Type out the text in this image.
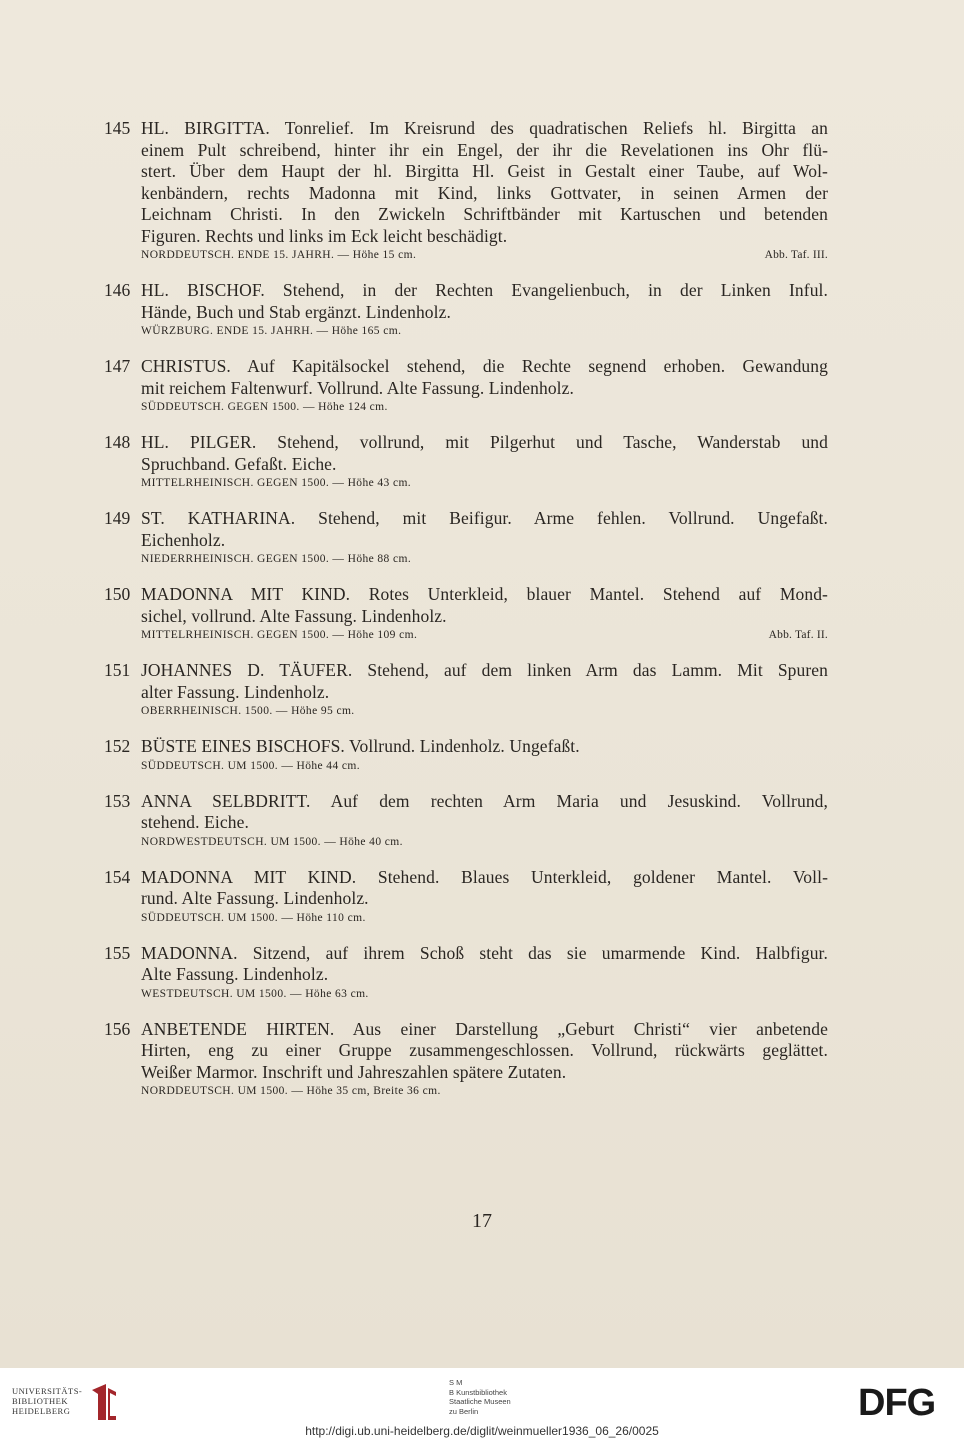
145 HL. BIRGITTA. Tonrelief. Im Kreisrund des quadratischen Reliefs hl. Birgitta an
einem Pult schreibend, hinter ihr ein Engel, der ihr die Revelationen ins Ohr flü-
stert. Über dem Haupt der hl. Birgitta Hl. Geist in Gestalt einer Taube, auf Wol-
kenbändern, rechts Madonna mit Kind, links Gottvater, in seinen Armen der
Leichnam Christi. In den Zwickeln Schriftbänder mit Kartuschen und betenden
Figuren. Rechts und links im Eck leicht beschädigt.
NORDDEUTSCH. ENDE 15. JAHRH. — Höhe 15 cm.	Abb. Taf. III.
146 HL. BISCHOF. Stehend, in der Rechten Evangelienbuch, in der Linken Inful.
Hände, Buch und Stab ergänzt. Lindenholz.
WÜRZBURG. ENDE 15. JAHRH. — Höhe 165 cm.
147 CHRISTUS. Auf Kapitälsockel stehend, die Rechte segnend erhoben. Gewandung
mit reichem Faltenwurf. Vollrund. Alte Fassung. Lindenholz.
SÜDDEUTSCH. GEGEN 1500. — Höhe 124 cm.
148 HL. PILGER. Stehend, vollrund, mit Pilgerhut und Tasche, Wanderstab und
Spruchband. Gefaßt. Eiche.
MITTELRHEINISCH. GEGEN 1500. — Höhe 43 cm.
149 ST. KATHARINA. Stehend, mit Beifigur. Arme fehlen. Vollrund. Ungefaßt.
Eichenholz.
NIEDERRHEINISCH. GEGEN 1500. — Höhe 88 cm.
150 MADONNA MIT KIND. Rotes Unterkleid, blauer Mantel. Stehend auf Mond-
sichel, vollrund. Alte Fassung. Lindenholz.
MITTELRHEINISCH. GEGEN 1500. — Höhe 109 cm.	Abb. Taf. II.
151 JOHANNES D. TÄUFER. Stehend, auf dem linken Arm das Lamm. Mit Spuren
alter Fassung. Lindenholz.
OBERRHEINISCH. 1500. — Höhe 95 cm.
152 BÜSTE EINES BISCHOFS. Vollrund. Lindenholz. Ungefaßt.
SÜDDEUTSCH. UM 1500. — Höhe 44 cm.
153 ANNA SELBDRITT. Auf dem rechten Arm Maria und Jesuskind. Vollrund,
stehend. Eiche.
NORDWESTDEUTSCH. UM 1500. — Höhe 40 cm.
154 MADONNA MIT KIND. Stehend. Blaues Unterkleid, goldener Mantel. Voll-
rund. Alte Fassung. Lindenholz.
SÜDDEUTSCH. UM 1500. — Höhe 110 cm.
155 MADONNA. Sitzend, auf ihrem Schoß steht das sie umarmende Kind. Halbfigur.
Alte Fassung. Lindenholz.
WESTDEUTSCH. UM 1500. — Höhe 63 cm.
156 ANBETENDE HIRTEN. Aus einer Darstellung „Geburt Christi“ vier anbetende
Hirten, eng zu einer Gruppe zusammengeschlossen. Vollrund, rückwärts geglättet.
Weißer Marmor. Inschrift und Jahreszahlen spätere Zutaten.
NORDDEUTSCH. UM 1500. — Höhe 35 cm, Breite 36 cm.
17
UNIVERSITÄTS-
BIBLIOTHEK
HEIDELBERG
S M
B Kunstbibliothek
Staatliche Museen
zu Berlin	DFG
http://digi.ub.uni-heidelberg.de/diglit/weinmueller1936_06_26/0025
